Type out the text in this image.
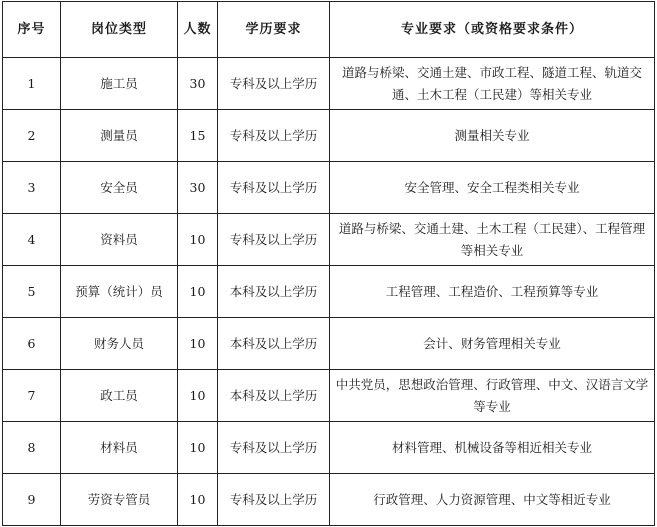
序号	岗位类型	人数	学历要求	专业要求（或资格要求条件）
1	施工员	30	专科及以上学历	道路与桥梁、交通土建、市政工程、隧道工程、轨道交通、土木工程（工民建）等相关专业
2	测量员	15	专科及以上学历	测量相关专业
3	安全员	30	专科及以上学历	安全管理、安全工程类相关专业
4	资料员	10	专科及以上学历	道路与桥梁、交通土建、土木工程（工民建）、工程管理等相关专业
5	预算（统计）员	10	本科及以上学历	工程管理、工程造价、工程预算等专业
6	财务人员	10	本科及以上学历	会计、财务管理相关专业
7	政工员	10	本科及以上学历	中共党员，思想政治管理、行政管理、中文、汉语言文学等专业
8	材料员	10	专科及以上学历	材料管理、机械设备等相近相关专业
9	劳资专管员	10	专科及以上学历	行政管理、人力资源管理、中文等相近专业
